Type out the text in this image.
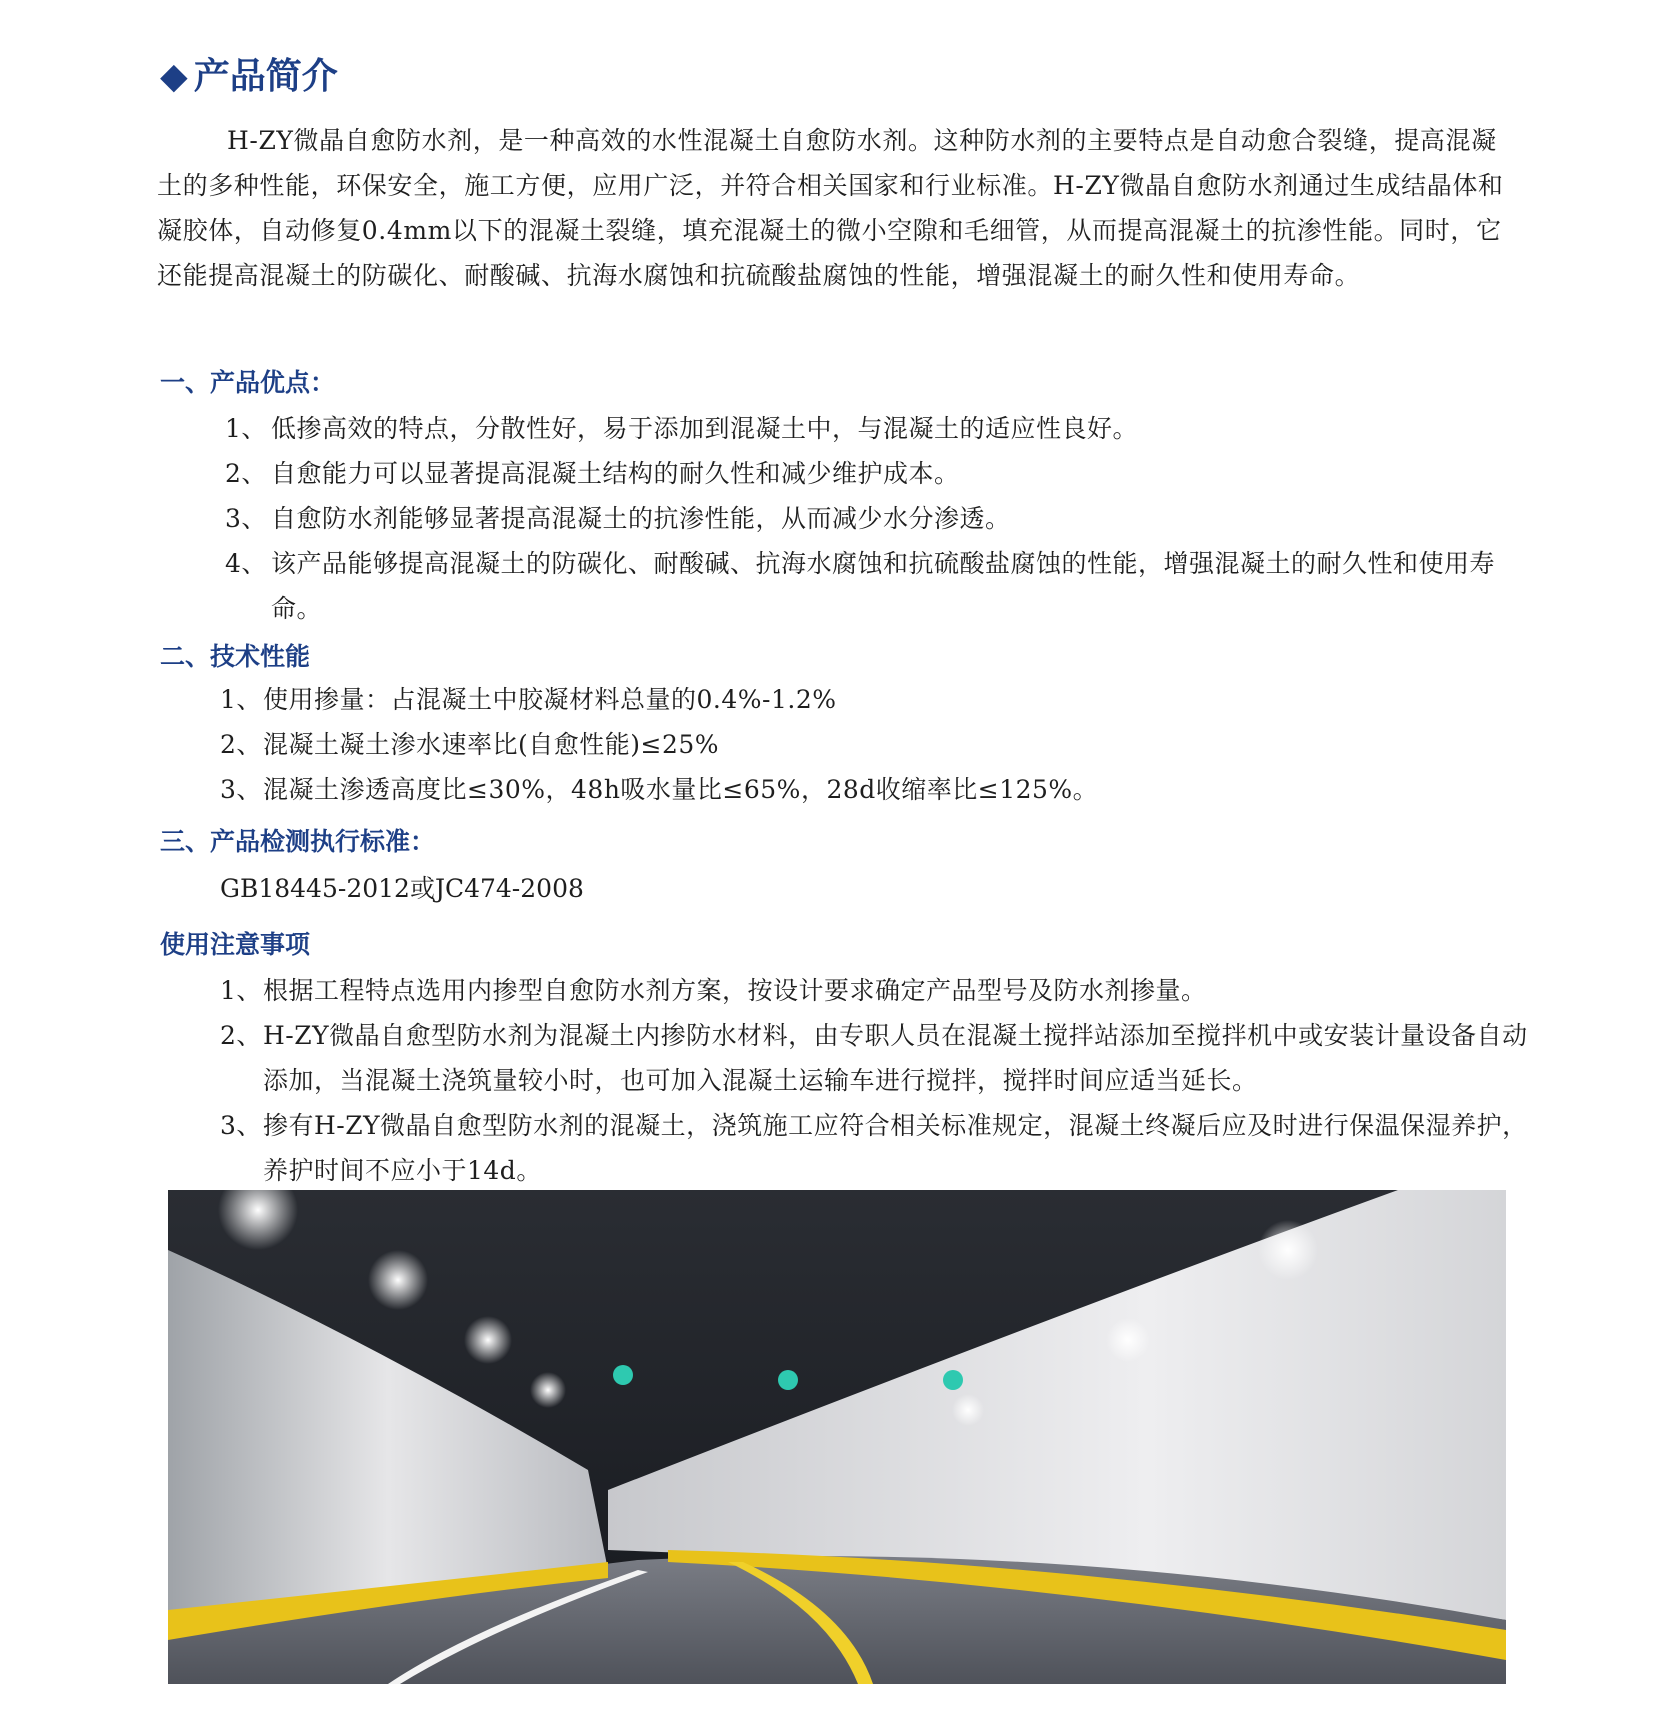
◆ 产品简介

H-ZY微晶自愈防水剂，是一种高效的水性混凝土自愈防水剂。这种防水剂的主要特点是自动愈合裂缝，提高混凝土的多种性能，环保安全，施工方便，应用广泛，并符合相关国家和行业标准。H-ZY微晶自愈防水剂通过生成结晶体和凝胶体，自动修复0.4mm以下的混凝土裂缝，填充混凝土的微小空隙和毛细管，从而提高混凝土的抗渗性能。同时，它还能提高混凝土的防碳化、耐酸碱、抗海水腐蚀和抗硫酸盐腐蚀的性能，增强混凝土的耐久性和使用寿命。

一、产品优点：
1、 低掺高效的特点，分散性好，易于添加到混凝土中，与混凝土的适应性良好。
2、 自愈能力可以显著提高混凝土结构的耐久性和减少维护成本。
3、 自愈防水剂能够显著提高混凝土的抗渗性能，从而减少水分渗透。
4、 该产品能够提高混凝土的防碳化、耐酸碱、抗海水腐蚀和抗硫酸盐腐蚀的性能，增强混凝土的耐久性和使用寿命。
二、技术性能
1、 使用掺量：占混凝土中胶凝材料总量的0.4%-1.2%
2、 混凝土凝土渗水速率比(自愈性能)≤25%
3、 混凝土渗透高度比≤30%，48h吸水量比≤65%，28d收缩率比≤125%。
三、产品检测执行标准：

GB18445-2012或JC474-2008

使用注意事项
1、 根据工程特点选用内掺型自愈防水剂方案，按设计要求确定产品型号及防水剂掺量。
2、 H-ZY微晶自愈型防水剂为混凝土内掺防水材料，由专职人员在混凝土搅拌站添加至搅拌机中或安装计量设备自动添加，当混凝土浇筑量较小时，也可加入混凝土运输车进行搅拌，搅拌时间应适当延长。
3、 掺有H-ZY微晶自愈型防水剂的混凝土，浇筑施工应符合相关标准规定，混凝土终凝后应及时进行保温保湿养护，养护时间不应小于14d。
